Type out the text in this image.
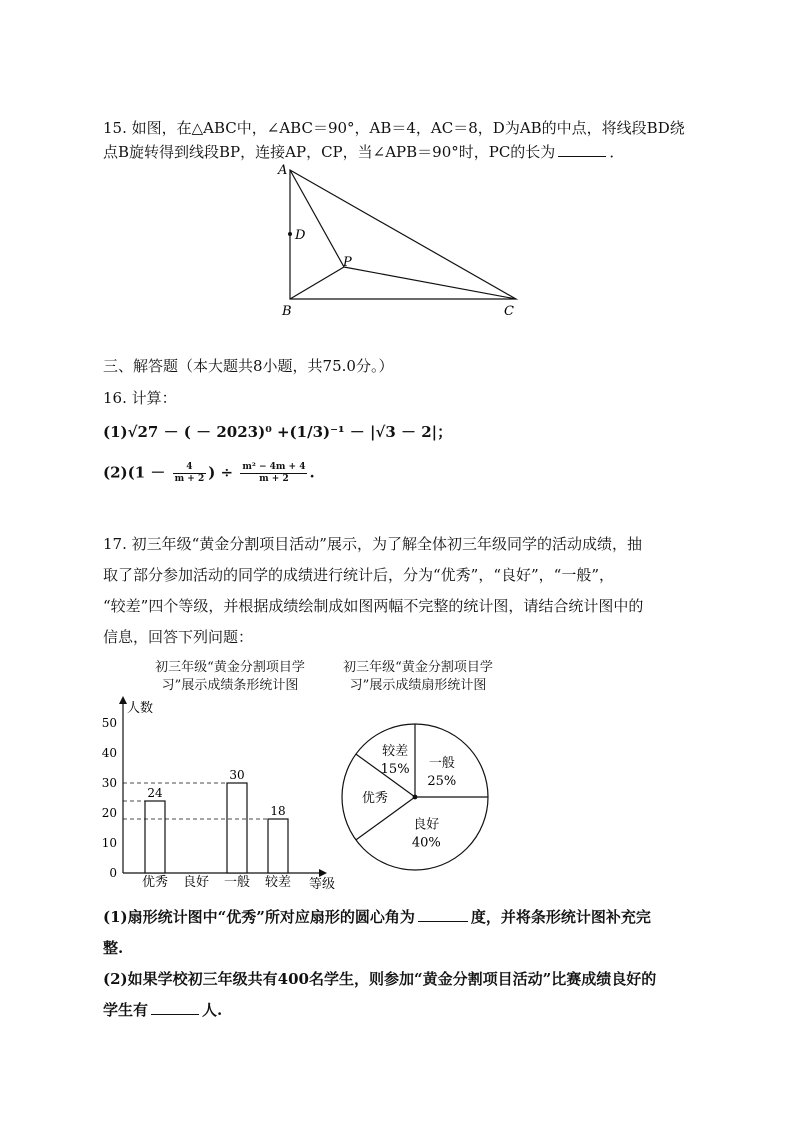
15. 如图，在△ABC中，∠ABC＝90°，AB＝4，AC＝8，D为AB的中点，将线段BD绕
点B旋转得到线段BP，连接AP，CP，当∠APB＝90°时，PC的长为	．
A
D
P
B	C
三、解答题（本大题共8小题，共75.0分。）
16. 计算：
(1)√27 － ( － 2023)⁰ +(1/3)⁻¹ － |√3 － 2|；
$(2)(1 - \frac{4}{m + 2}$ ) ÷ $\frac{\text{m² − 4m + 4}}{m + 2}$ .
17. 初三年级“黄金分割项目活动”展示，为了解全体初三年级同学的活动成绩，抽
取了部分参加活动的同学的成绩进行统计后，分为“优秀”，“良好”，“一般”，
“较差”四个等级，并根据成绩绘制成如图两幅不完整的统计图，请结合统计图中的
信息，回答下列问题：
初三年级“黄金分割项目学
习”展示成绩条形统计图
初三年级“黄金分割项目学
习”展示成绩扇形统计图
人数
等级
0
10
20
30
40
50
24
优秀 良好
30
一般
18
较差
一般
25%
良好
40%
优秀
较差
15%
(1)扇形统计图中“优秀”所对应扇形的圆心角为	度，并将条形统计图补充完
整.
(2)如果学校初三年级共有400名学生，则参加“黄金分割项目活动”比赛成绩良好的
学生有	人.
